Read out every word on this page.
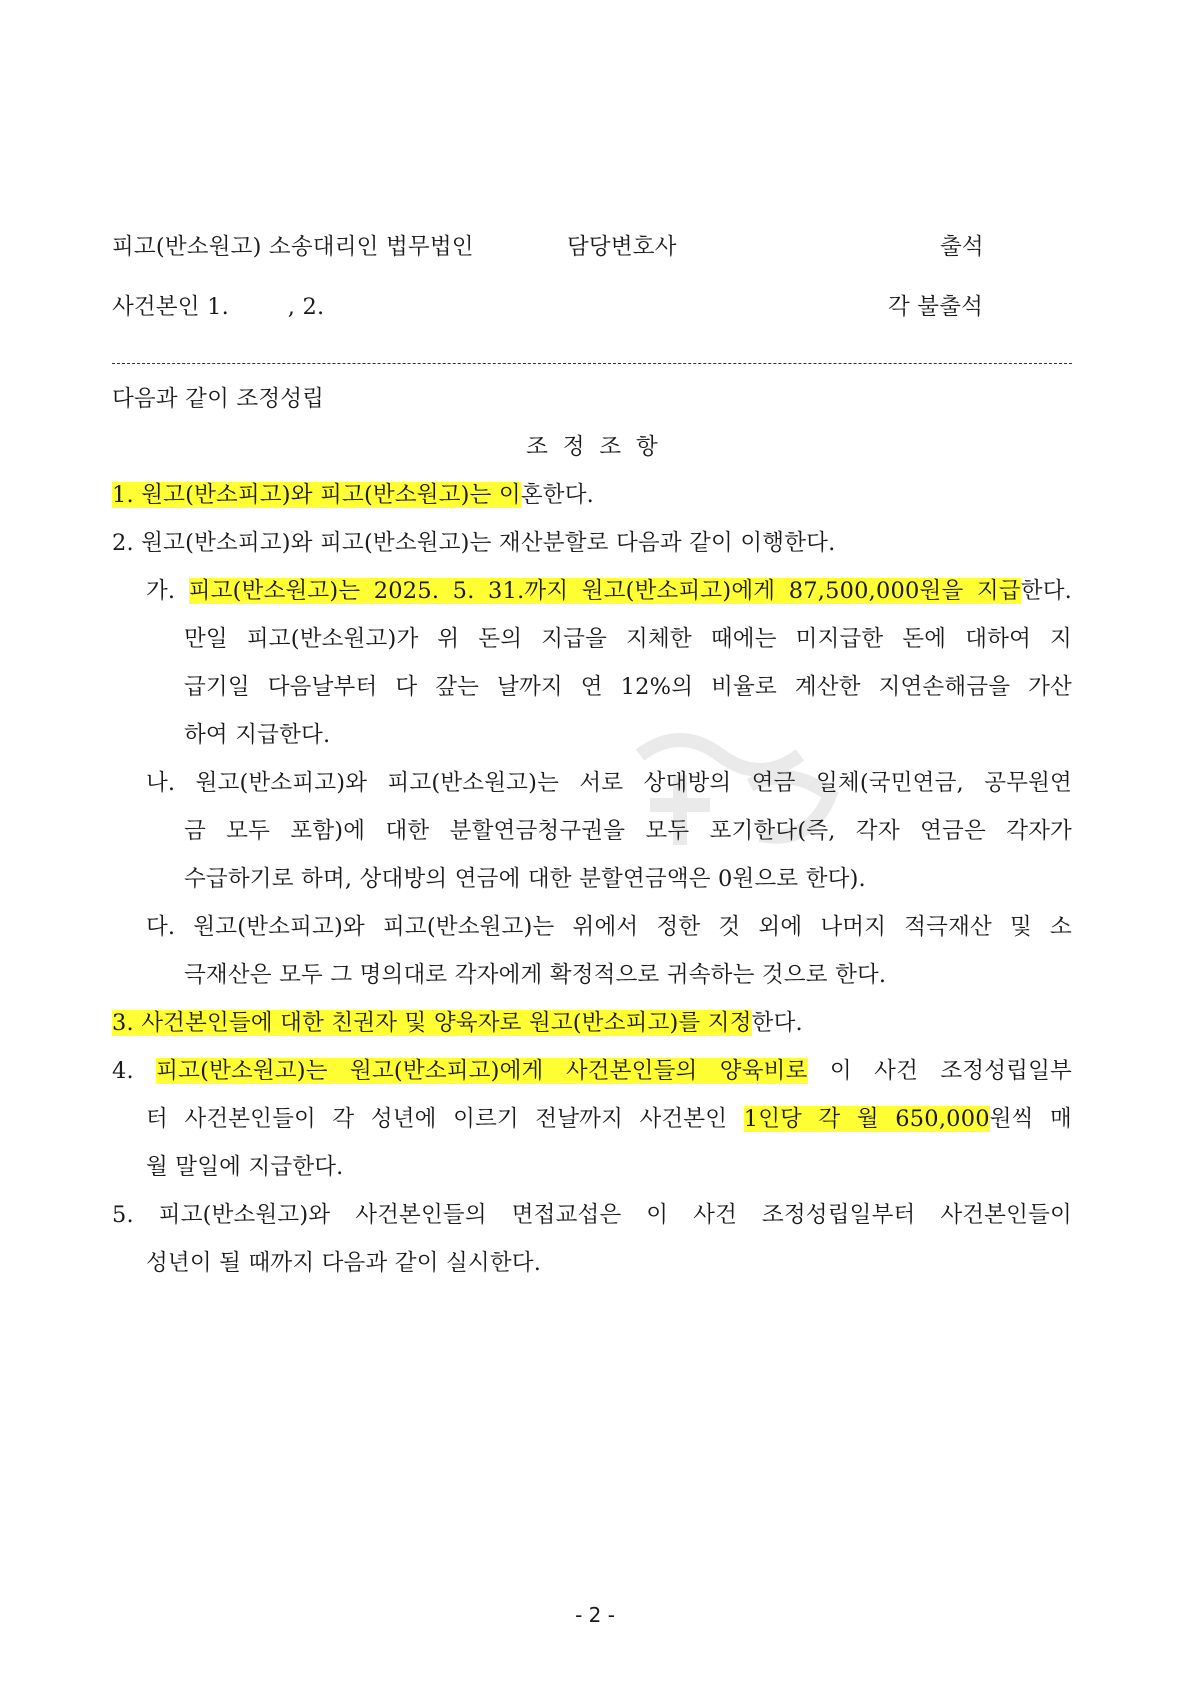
피고(반소원고) 소송대리인 법무법인	담당변호사	출석
사건본인 1.        , 2.	각 불출석
다음과 같이 조정성립
조  정  조  항
1. 원고(반소피고)와 피고(반소원고)는 이혼한다.
2. 원고(반소피고)와 피고(반소원고)는 재산분할로 다음과 같이 이행한다.
가. 피고(반소원고)는 2025. 5. 31.까지 원고(반소피고)에게 87,500,000원을 지급한다.
만일 피고(반소원고)가 위 돈의 지급을 지체한 때에는 미지급한 돈에 대하여 지
급기일 다음날부터 다 갚는 날까지 연 12%의 비율로 계산한 지연손해금을 가산
하여 지급한다.
나. 원고(반소피고)와 피고(반소원고)는 서로 상대방의 연금 일체(국민연금, 공무원연
금 모두 포함)에 대한 분할연금청구권을 모두 포기한다(즉, 각자 연금은 각자가
수급하기로 하며, 상대방의 연금에 대한 분할연금액은 0원으로 한다).
다. 원고(반소피고)와 피고(반소원고)는 위에서 정한 것 외에 나머지 적극재산 및 소
극재산은 모두 그 명의대로 각자에게 확정적으로 귀속하는 것으로 한다.
3. 사건본인들에 대한 친권자 및 양육자로 원고(반소피고)를 지정한다.
4. 피고(반소원고)는 원고(반소피고)에게 사건본인들의 양육비로 이 사건 조정성립일부
터 사건본인들이 각 성년에 이르기 전날까지 사건본인 1인당 각 월 650,000원씩 매
월 말일에 지급한다.
5. 피고(반소원고)와 사건본인들의 면접교섭은 이 사건 조정성립일부터 사건본인들이
성년이 될 때까지 다음과 같이 실시한다.
- 2 -
